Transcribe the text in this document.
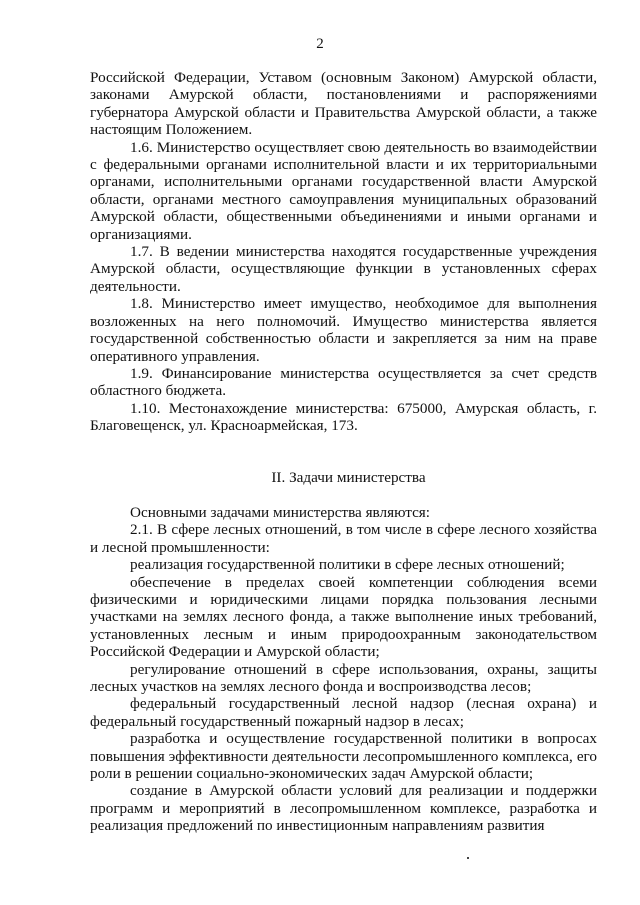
2

Российской Федерации, Уставом (основным Законом) Амурской области, законами Амурской области, постановлениями и распоряжениями губернатора Амурской области и Правительства Амурской области, а также настоящим Положением.

1.6. Министерство осуществляет свою деятельность во взаимодействии с федеральными органами исполнительной власти и их территориальными органами, исполнительными органами государственной власти Амурской области, органами местного самоуправления муниципальных образований Амурской области, общественными объединениями и иными органами и организациями.

1.7. В ведении министерства находятся государственные учреждения Амурской области, осуществляющие функции в установленных сферах деятельности.

1.8. Министерство имеет имущество, необходимое для выполнения возложенных на него полномочий. Имущество министерства является государственной собственностью области и закрепляется за ним на праве оперативного управления.

1.9. Финансирование министерства осуществляется за счет средств областного бюджета.

1.10. Местонахождение министерства: 675000, Амурская область, г. Благовещенск, ул. Красноармейская, 173.

II. Задачи министерства

Основными задачами министерства являются:

2.1. В сфере лесных отношений, в том числе в сфере лесного хозяйства и лесной промышленности:

реализация государственной политики в сфере лесных отношений;

обеспечение в пределах своей компетенции соблюдения всеми физическими и юридическими лицами порядка пользования лесными участками на землях лесного фонда, а также выполнение иных требований, установленных лесным и иным природоохранным законодательством Российской Федерации и Амурской области;

регулирование отношений в сфере использования, охраны, защиты лесных участков на землях лесного фонда и воспроизводства лесов;

федеральный государственный лесной надзор (лесная охрана) и федеральный государственный пожарный надзор в лесах;

разработка и осуществление государственной политики в вопросах повышения эффективности деятельности лесопромышленного комплекса, его роли в решении социально-экономических задач Амурской области;

создание в Амурской области условий для реализации и поддержки программ и мероприятий в лесопромышленном комплексе, разработка и реализация предложений по инвестиционным направлениям развития
